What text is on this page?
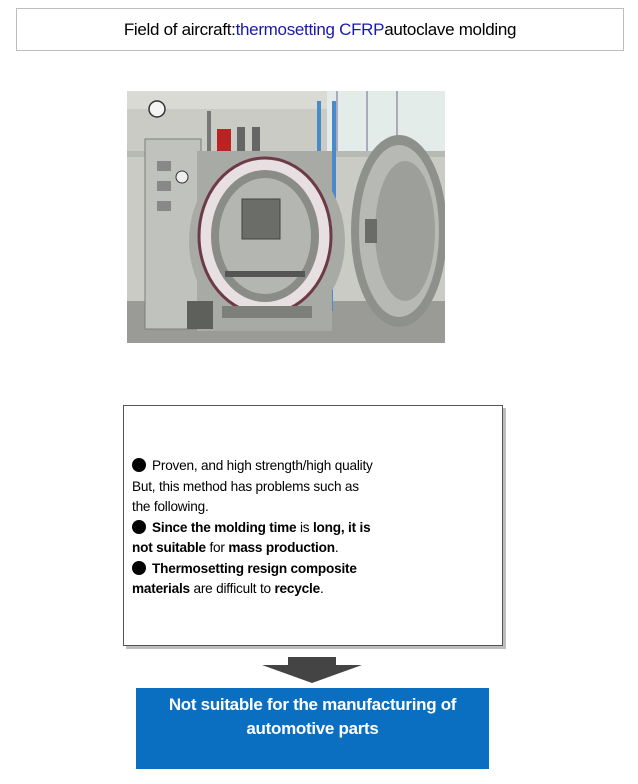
Field of aircraft: thermosetting CFRP autoclave molding

Proven, and high strength/high quality

But, this method has problems such as

the following.

Since the molding time is long, it is
not suitable for mass production.

Thermosetting resign composite
materials are difficult to recycle.

Not suitable for the manufacturing of
automotive parts
